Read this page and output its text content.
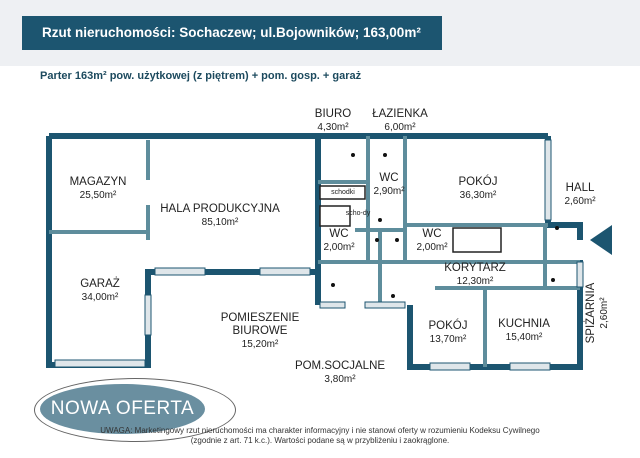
Rzut nieruchomości: Sochaczew; ul.Bojowników; 163,00m²
Parter 163m² pow. użytkowej (z piętrem) + pom. gosp. + garaż
MAGAZYN
25,50m²
HALA PRODUKCYJNA
85,10m²
GARAŻ
34,00m²
BIURO
4,30m²
ŁAZIENKA
6,00m²
WC
2,90m²
WC
2,00m²
WC
2,00m²
POKÓJ
36,30m²
HALL
2,60m²
KORYTARZ
12,30m²
POKÓJ
13,70m²
KUCHNIA
15,40m²	SPIŻARNIA 2,60m²
POMIESZENIE BIUROWE
15,20m²
POM.SOCJALNE
3,80m²
schodki
scho-dy
NOWA OFERTA
UWAGA: Marketingowy rzut nieruchomości ma charakter informacyjny i nie stanowi oferty w rozumieniu Kodeksu Cywilnego
(zgodnie z art. 71 k.c.). Wartości podane są w przybliżeniu i zaokrąglone.
